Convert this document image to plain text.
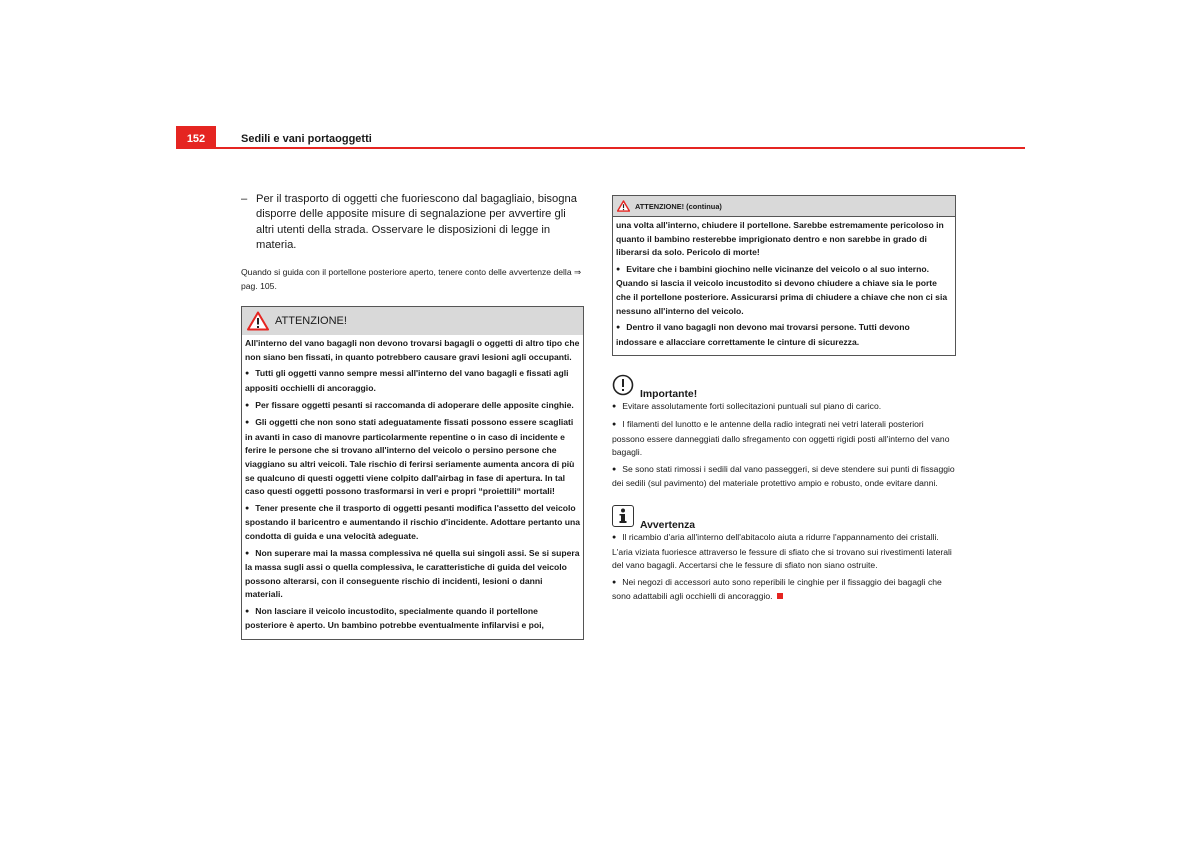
152	Sedili e vani portaoggetti
– Per il trasporto di oggetti che fuoriescono dal bagagliaio, bisogna disporre delle apposite misure di segnalazione per avvertire gli altri utenti della strada. Osservare le disposizioni di legge in materia.
Quando si guida con il portellone posteriore aperto, tenere conto delle avvertenze della ⇒ pag. 105.
ATTENZIONE!

All'interno del vano bagagli non devono trovarsi bagagli o oggetti di altro tipo che non siano ben fissati, in quanto potrebbero causare gravi lesioni agli occupanti.

● Tutti gli oggetti vanno sempre messi all'interno del vano bagagli e fissati agli appositi occhielli di ancoraggio.

● Per fissare oggetti pesanti si raccomanda di adoperare delle apposite cinghie.

● Gli oggetti che non sono stati adeguatamente fissati possono essere scagliati in avanti in caso di manovre particolarmente repentine o in caso di incidente e ferire le persone che si trovano all'interno del veicolo o persino persone che viaggiano su altri veicoli. Tale rischio di ferirsi seriamente aumenta ancora di più se qualcuno di questi oggetti viene colpito dall'airbag in fase di apertura. In tal caso questi oggetti possono trasformarsi in veri e propri “proiettili“ mortali!

● Tener presente che il trasporto di oggetti pesanti modifica l'assetto del veicolo spostando il baricentro e aumentando il rischio d'incidente. Adottare pertanto una condotta di guida e una velocità adeguate.

● Non superare mai la massa complessiva né quella sui singoli assi. Se si supera la massa sugli assi o quella complessiva, le caratteristiche di guida del veicolo possono alterarsi, con il conseguente rischio di incidenti, lesioni o danni materiali.

● Non lasciare il veicolo incustodito, specialmente quando il portellone posteriore è aperto. Un bambino potrebbe eventualmente infilarvisi e poi,

ATTENZIONE! (continua)

una volta all'interno, chiudere il portellone. Sarebbe estremamente pericoloso in quanto il bambino resterebbe imprigionato dentro e non sarebbe in grado di liberarsi da solo. Pericolo di morte!

● Evitare che i bambini giochino nelle vicinanze del veicolo o al suo interno. Quando si lascia il veicolo incustodito si devono chiudere a chiave sia le porte che il portellone posteriore. Assicurarsi prima di chiudere a chiave che non ci sia nessuno all'interno del veicolo.

● Dentro il vano bagagli non devono mai trovarsi persone. Tutti devono indossare e allacciare correttamente le cinture di sicurezza.

Importante!

● Evitare assolutamente forti sollecitazioni puntuali sul piano di carico.

● I filamenti del lunotto e le antenne della radio integrati nei vetri laterali posteriori possono essere danneggiati dallo sfregamento con oggetti rigidi posti all'interno del vano bagagli.

● Se sono stati rimossi i sedili dal vano passeggeri, si deve stendere sui punti di fissaggio dei sedili (sul pavimento) del materiale protettivo ampio e robusto, onde evitare danni.

Avvertenza

● Il ricambio d'aria all'interno dell'abitacolo aiuta a ridurre l'appannamento dei cristalli. L'aria viziata fuoriesce attraverso le fessure di sfiato che si trovano sui rivestimenti laterali del vano bagagli. Accertarsi che le fessure di sfiato non siano ostruite.

● Nei negozi di accessori auto sono reperibili le cinghie per il fissaggio dei bagagli che sono adattabili agli occhielli di ancoraggio.
